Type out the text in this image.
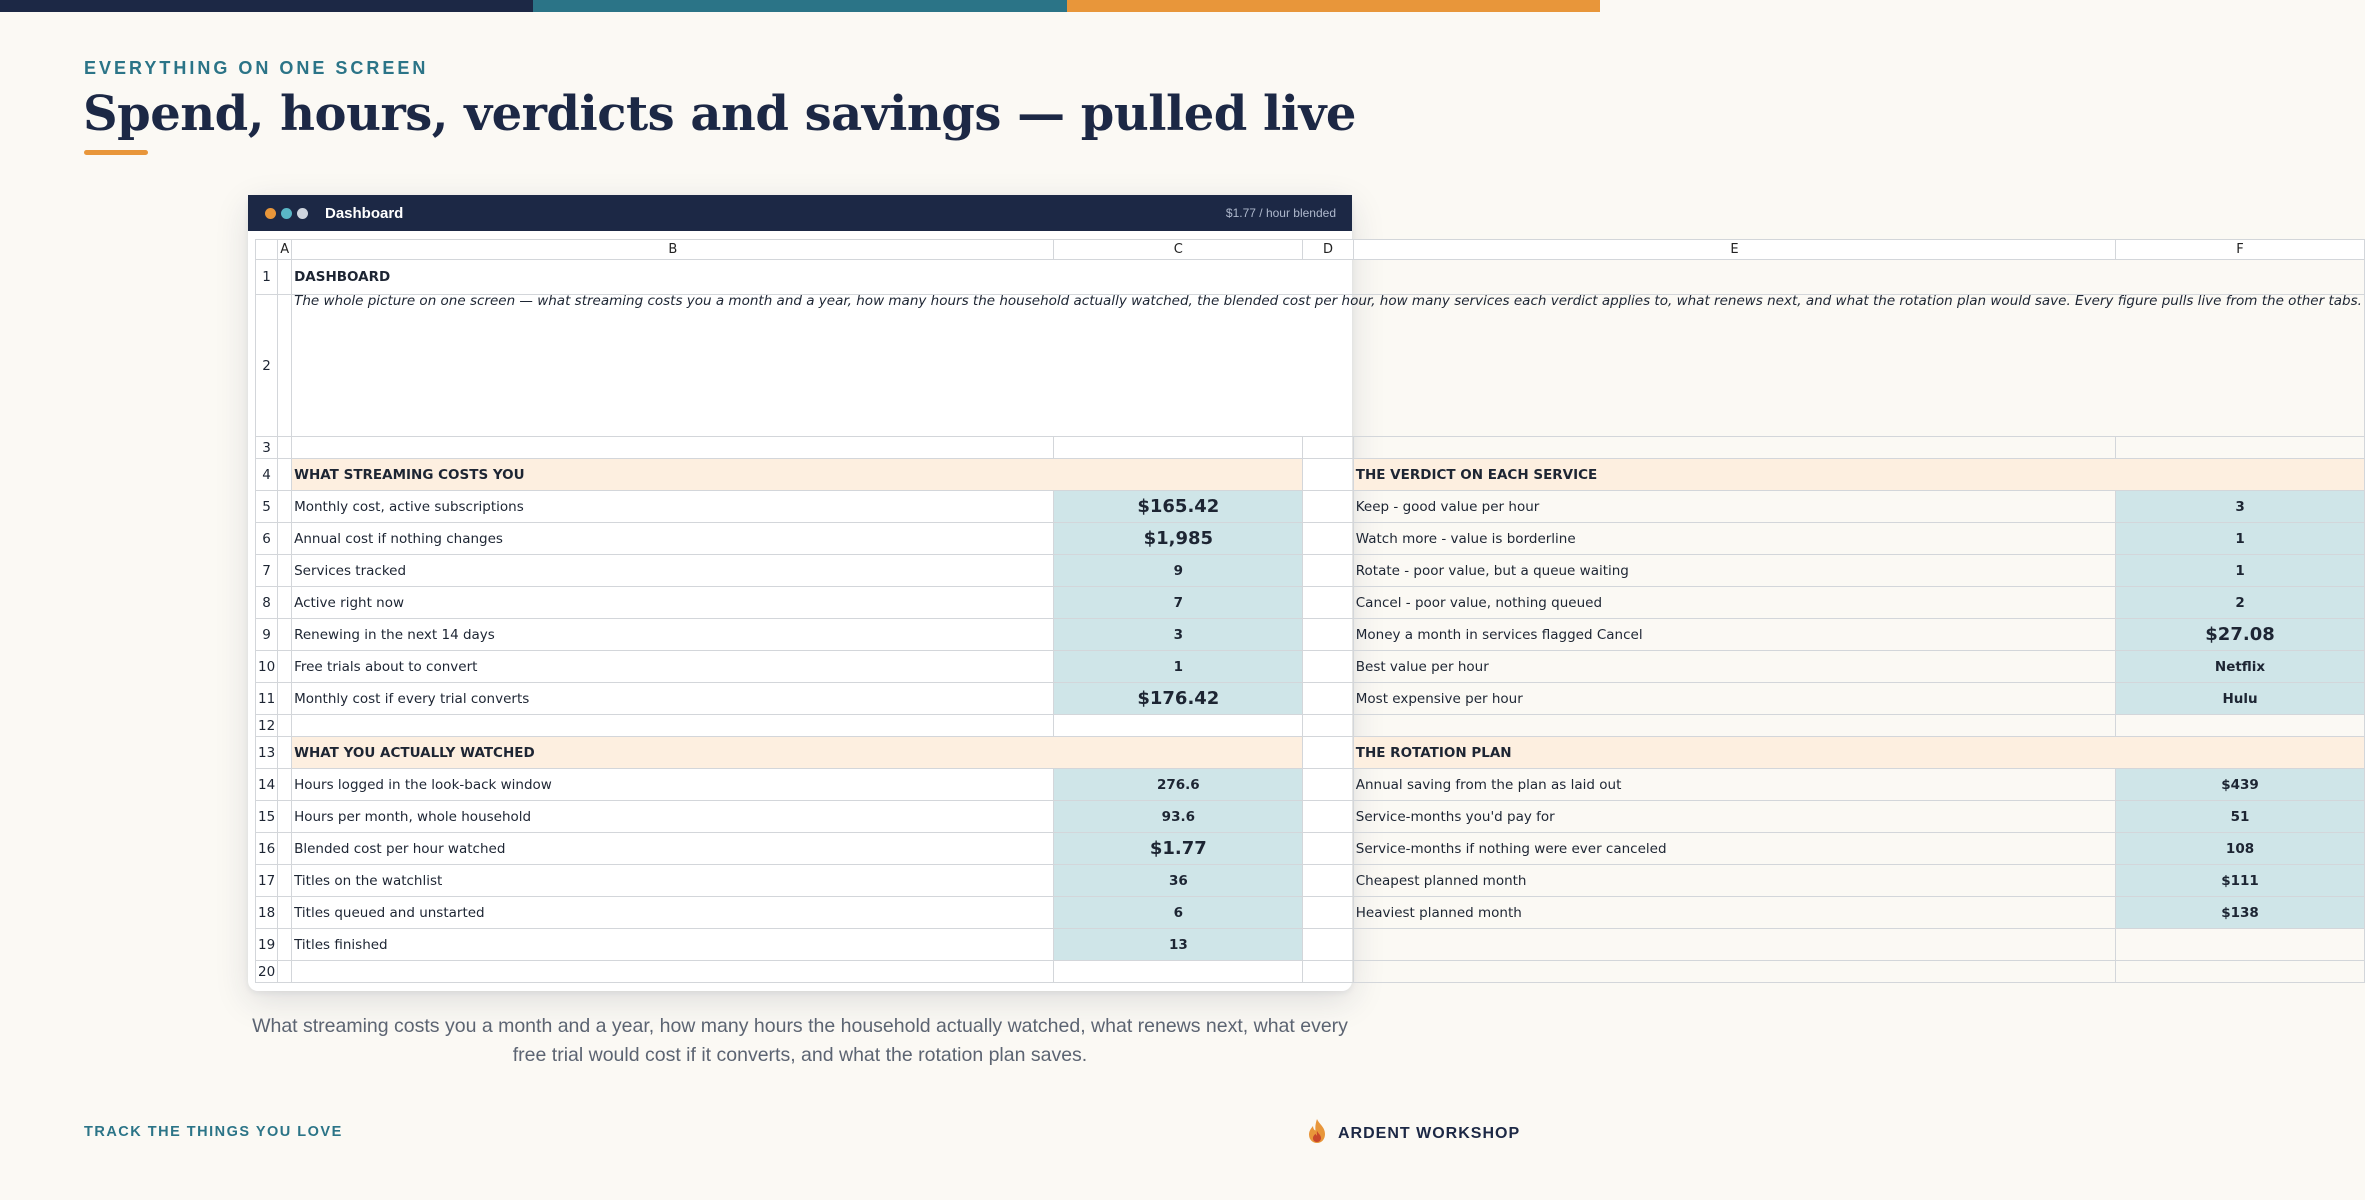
EVERYTHING ON ONE SCREEN
Spend, hours, verdicts and savings — pulled live
Dashboard	$1.77 / hour blended
	A	B	C	D	E	F
1		DASHBOARD				
2		The whole picture on one screen — what streaming costs you a month and a year, how many hours the household actually watched, the blended cost per hour, how many services each verdict applies to, what renews next, and what the rotation plan would save. Every figure pulls live from the other tabs.				
3						
4		WHAT STREAMING COSTS YOU			THE VERDICT ON EACH SERVICE	
5		Monthly cost, active subscriptions	$165.42		Keep - good value per hour	3
6		Annual cost if nothing changes	$1,985		Watch more - value is borderline	1
7		Services tracked	9		Rotate - poor value, but a queue waiting	1
8		Active right now	7		Cancel - poor value, nothing queued	2
9		Renewing in the next 14 days	3		Money a month in services flagged Cancel	$27.08
10		Free trials about to convert	1		Best value per hour	Netflix
11		Monthly cost if every trial converts	$176.42		Most expensive per hour	Hulu
12						
13		WHAT YOU ACTUALLY WATCHED			THE ROTATION PLAN	
14		Hours logged in the look-back window	276.6		Annual saving from the plan as laid out	$439
15		Hours per month, whole household	93.6		Service-months you'd pay for	51
16		Blended cost per hour watched	$1.77		Service-months if nothing were ever canceled	108
17		Titles on the watchlist	36		Cheapest planned month	$111
18		Titles queued and unstarted	6		Heaviest planned month	$138
19		Titles finished	13			
20						
What streaming costs you a month and a year, how many hours the household actually watched, what renews next, what every free trial would cost if it converts, and what the rotation plan saves.
TRACK THE THINGS YOU LOVE	ARDENT WORKSHOP
